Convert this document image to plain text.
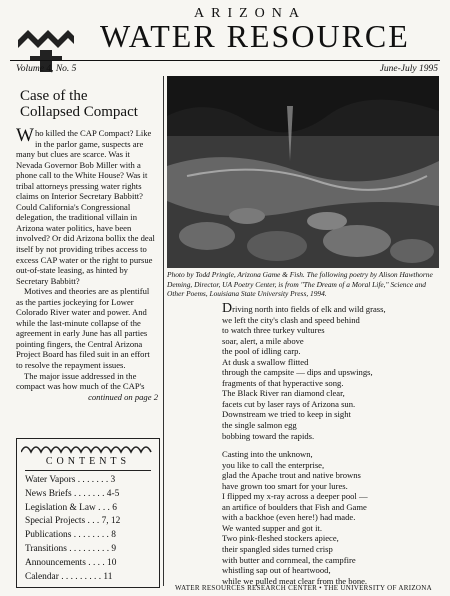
ARIZONA
WATER RESOURCE
Volume 4, No. 5	June-July 1995
Case of the
Collapsed Compact

Who killed the CAP Compact? Like in the parlor game, suspects are many but clues are scarce. Was it Nevada Governor Bob Miller with a phone call to the White House? Was it tribal attorneys pressing water rights claims on Interior Secretary Babbitt? Could California's Congressional delegation, the traditional villain in Arizona water politics, have been involved? Or did Arizona bollix the deal itself by not providing tribes access to excess CAP water or the right to pursue out-of-state leasing, as hinted by Secretary Babbitt?

Motives and theories are as plentiful as the parties jockeying for Lower Colorado River water and power. And while the last-minute collapse of the agreement in early June has all parties pointing fingers, the Central Arizona Project Board has filed suit in an effort to resolve the repayment issues.

The major issue addressed in the compact was how much of the CAP's

continued on page 2
CONTENTS
Water Vapors . . . . . . . 3
News Briefs . . . . . . . 4-5
Legislation & Law . . . 6
Special Projects . . . 7, 12
Publications . . . . . . . . 8
Transitions . . . . . . . . . 9
Announcements . . . . 10
Calendar . . . . . . . . . 11
Photo by Todd Pringle, Arizona Game & Fish. The following poetry by Alison Hawthorne Deming, Director, UA Poetry Center, is from "The Dream of a Moral Life," Science and Other Poems, Louisiana State University Press, 1994.
Driving north into fields of elk and wild grass,
we left the city's clash and speed behind
to watch three turkey vultures
soar, alert, a mile above
the pool of idling carp.
At dusk a swallow flitted
through the campsite — dips and upswings,
fragments of that hyperactive song.
The Black River ran diamond clear,
facets cut by laser rays of Arizona sun.
Downstream we tried to keep in sight
the single salmon egg
bobbing toward the rapids.
Casting into the unknown,
you like to call the enterprise,
glad the Apache trout and native browns
have grown too smart for your lures.
I flipped my x-ray across a deeper pool —
an artifice of boulders that Fish and Game
with a backhoe (even here!) had made.
We wanted supper and got it.
Two pink-fleshed stockers apiece,
their spangled sides turned crisp
with butter and cornmeal, the campfire
whistling sap out of heartwood,
while we pulled meat clear from the bone.
WATER RESOURCES RESEARCH CENTER • THE UNIVERSITY OF ARIZONA
